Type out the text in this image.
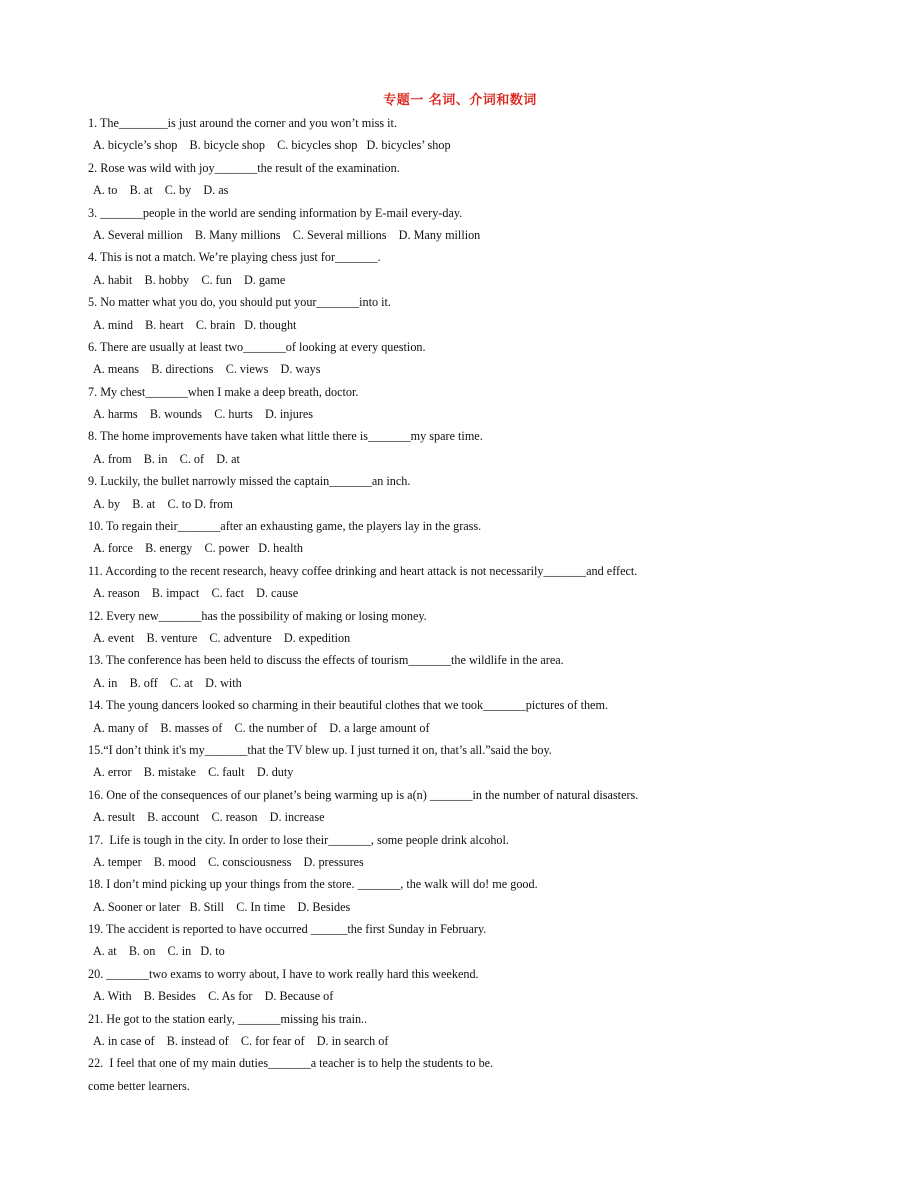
专题一 名词、介词和数词
1. The________is just around the corner and you won’t miss it.
A. bicycle’s shop    B. bicycle shop    C. bicycles shop   D. bicycles’ shop
2. Rose was wild with joy_______the result of the examination.
A. to    B. at    C. by    D. as
3. _______people in the world are sending information by E-mail every-day.
A. Several million    B. Many millions    C. Several millions    D. Many million
4. This is not a match. We’re playing chess just for_______.
A. habit    B. hobby    C. fun    D. game
5. No matter what you do, you should put your_______into it.
A. mind    B. heart    C. brain   D. thought
6. There are usually at least two_______of looking at every question.
A. means    B. directions    C. views    D. ways
7. My chest_______when I make a deep breath, doctor.
A. harms    B. wounds    C. hurts    D. injures
8. The home improvements have taken what little there is_______my spare time.
A. from    B. in    C. of    D. at
9. Luckily, the bullet narrowly missed the captain_______an inch.
A. by    B. at    C. to D. from
10. To regain their_______after an exhausting game, the players lay in the grass.
A. force    B. energy    C. power   D. health
11. According to the recent research, heavy coffee drinking and heart attack is not necessarily_______and effect.
A. reason    B. impact    C. fact    D. cause
12. Every new_______has the possibility of making or losing money.
A. event    B. venture    C. adventure    D. expedition
13. The conference has been held to discuss the effects of tourism_______the wildlife in the area.
A. in    B. off    C. at    D. with
14. The young dancers looked so charming in their beautiful clothes that we took_______pictures of them.
A. many of    B. masses of    C. the number of    D. a large amount of
15.“I don’t think it's my_______that the TV blew up. I just turned it on, that’s all.”said the boy.
A. error    B. mistake    C. fault    D. duty
16. One of the consequences of our planet’s being warming up is a(n) _______in the number of natural disasters.
A. result    B. account    C. reason    D. increase
17.  Life is tough in the city. In order to lose their_______, some people drink alcohol.
A. temper    B. mood    C. consciousness    D. pressures
18. I don’t mind picking up your things from the store. _______, the walk will do! me good.
A. Sooner or later   B. Still    C. In time    D. Besides
19. The accident is reported to have occurred ______the first Sunday in February.
A. at    B. on    C. in   D. to
20. _______two exams to worry about, I have to work really hard this weekend.
A. With    B. Besides    C. As for    D. Because of
21. He got to the station early, _______missing his train..
A. in case of    B. instead of    C. for fear of    D. in search of
22.  I feel that one of my main duties_______a teacher is to help the students to be.
come better learners.
